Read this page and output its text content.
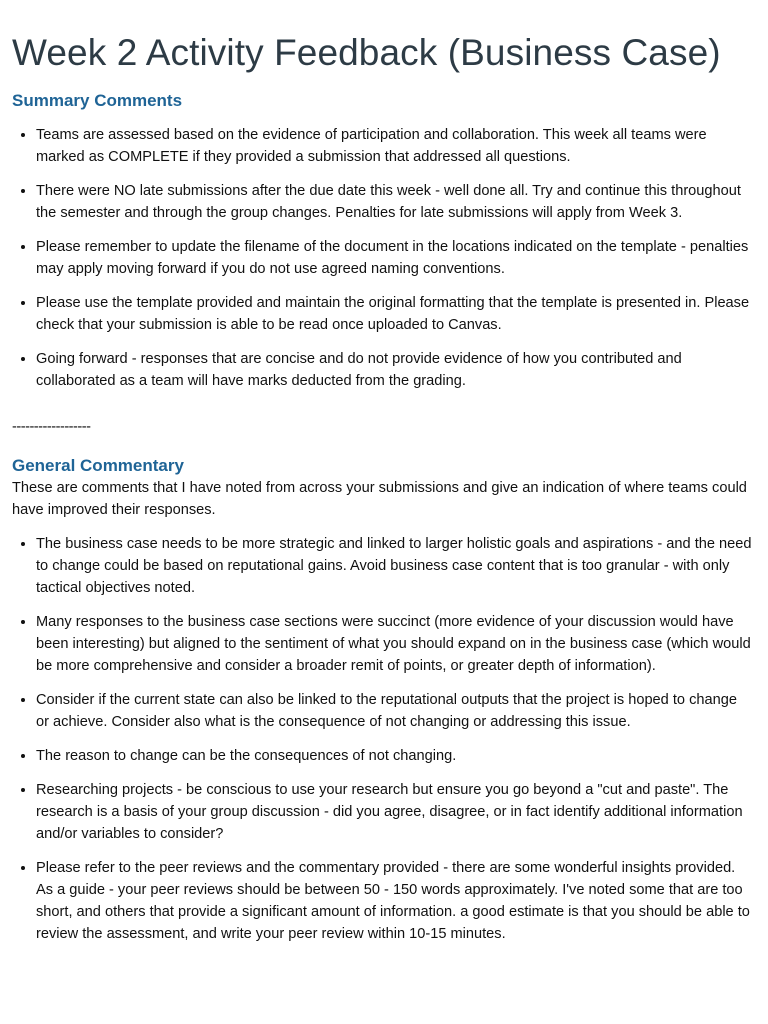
Week 2 Activity Feedback (Business Case)
Summary Comments
• Teams are assessed based on the evidence of participation and collaboration. This week all teams were marked as COMPLETE if they provided a submission that addressed all questions.
• There were NO late submissions after the due date this week - well done all. Try and continue this throughout the semester and through the group changes. Penalties for late submissions will apply from Week 3.
• Please remember to update the filename of the document in the locations indicated on the template - penalties may apply moving forward if you do not use agreed naming conventions.
• Please use the template provided and maintain the original formatting that the template is presented in. Please check that your submission is able to be read once uploaded to Canvas.
• Going forward - responses that are concise and do not provide evidence of how you contributed and collaborated as a team will have marks deducted from the grading.
------------------
General Commentary

These are comments that I have noted from across your submissions and give an indication of where teams could have improved their responses.

• The business case needs to be more strategic and linked to larger holistic goals and aspirations - and the need to change could be based on reputational gains. Avoid business case content that is too granular - with only tactical objectives noted.
• Many responses to the business case sections were succinct (more evidence of your discussion would have been interesting) but aligned to the sentiment of what you should expand on in the business case (which would be more comprehensive and consider a broader remit of points, or greater depth of information).
• Consider if the current state can also be linked to the reputational outputs that the project is hoped to change or achieve. Consider also what is the consequence of not changing or addressing this issue.
• The reason to change can be the consequences of not changing.
• Researching projects - be conscious to use your research but ensure you go beyond a "cut and paste". The research is a basis of your group discussion - did you agree, disagree, or in fact identify additional information and/or variables to consider?
• Please refer to the peer reviews and the commentary provided - there are some wonderful insights provided. As a guide - your peer reviews should be between 50 - 150 words approximately. I've noted some that are too short, and others that provide a significant amount of information. a good estimate is that you should be able to review the assessment, and write your peer review within 10-15 minutes.
